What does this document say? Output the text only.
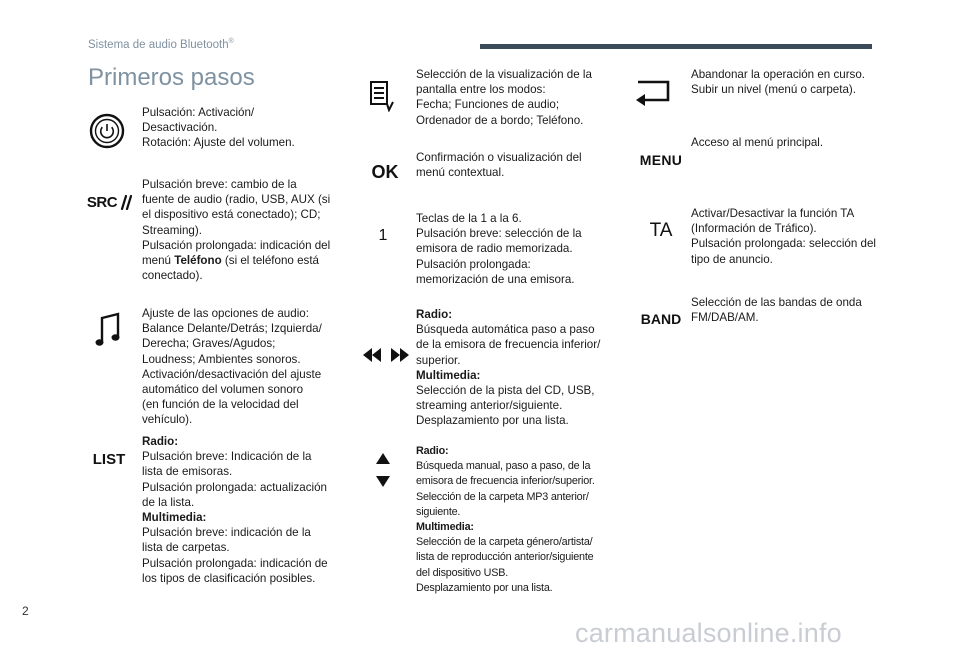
Sistema de audio Bluetooth®
Primeros pasos
Pulsación: Activación/
Desactivación.
Rotación: Ajuste del volumen.
SRC
Pulsación breve: cambio de la
fuente de audio (radio, USB, AUX (si
el dispositivo está conectado); CD;
Streaming).
Pulsación prolongada: indicación del
menú Teléfono (si el teléfono está
conectado).
Ajuste de las opciones de audio:
Balance Delante/Detrás; Izquierda/
Derecha; Graves/Agudos;
Loudness; Ambientes sonoros.
Activación/desactivación del ajuste
automático del volumen sonoro
(en función de la velocidad del
vehículo).
LIST
Radio:
Pulsación breve: Indicación de la
lista de emisoras.
Pulsación prolongada: actualización
de la lista.
Multimedia:
Pulsación breve: indicación de la
lista de carpetas.
Pulsación prolongada: indicación de
los tipos de clasificación posibles.
Selección de la visualización de la
pantalla entre los modos:
Fecha; Funciones de audio;
Ordenador de a bordo; Teléfono.
OK
Confirmación o visualización del
menú contextual.
1
Teclas de la 1 a la 6.
Pulsación breve: selección de la
emisora de radio memorizada.
Pulsación prolongada:
memorización de una emisora.
Radio:
Búsqueda automática paso a paso
de la emisora de frecuencia inferior/
superior.
Multimedia:
Selección de la pista del CD, USB,
streaming anterior/siguiente.
Desplazamiento por una lista.
Radio:
Búsqueda manual, paso a paso, de la
emisora de frecuencia inferior/superior.
Selección de la carpeta MP3 anterior/
siguiente.
Multimedia:
Selección de la carpeta género/artista/
lista de reproducción anterior/siguiente
del dispositivo USB.
Desplazamiento por una lista.
Abandonar la operación en curso.
Subir un nivel (menú o carpeta).
MENU
Acceso al menú principal.
TA
Activar/Desactivar la función TA
(Información de Tráfico).
Pulsación prolongada: selección del
tipo de anuncio.
BAND
Selección de las bandas de onda
FM/DAB/AM.
2
carmanualsonline.info
